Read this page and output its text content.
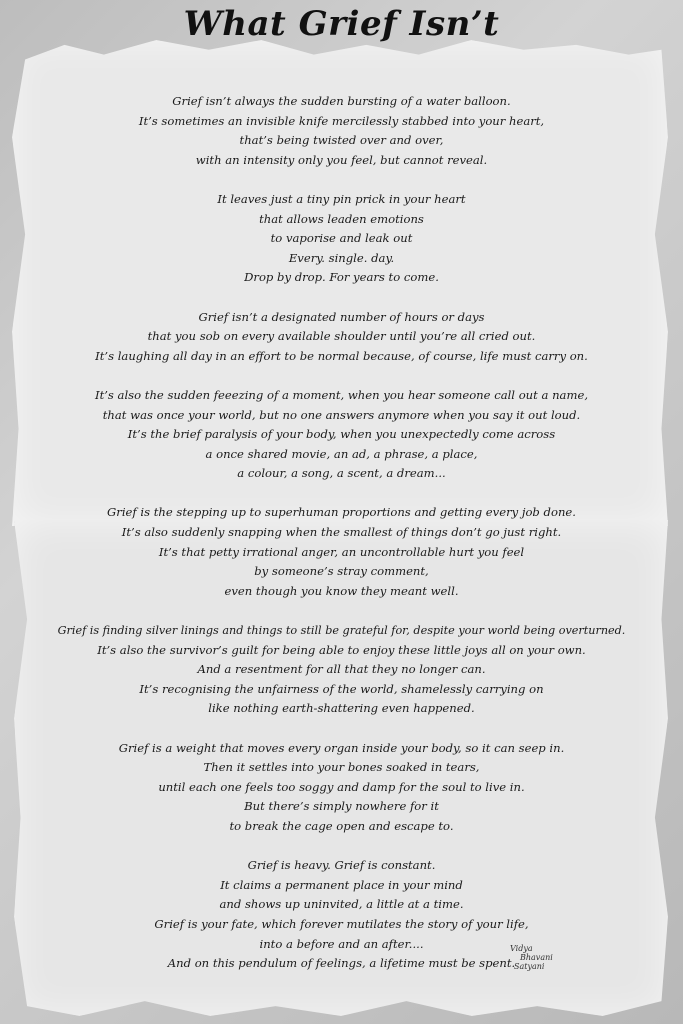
What Grief Isn’t
Grief isn’t always the sudden bursting of a water balloon.
It’s sometimes an invisible knife mercilessly stabbed into your heart,
that’s being twisted over and over,
with an intensity only you feel, but cannot reveal.
It leaves just a tiny pin prick in your heart
that allows leaden emotions
to vaporise and leak out
Every. single. day.
Drop by drop. For years to come.
Grief isn’t a designated number of hours or days
that you sob on every available shoulder until you’re all cried out.
It’s laughing all day in an effort to be normal because, of course, life must carry on.
It’s also the sudden feeezing of a moment, when you hear someone call out a name,
that was once your world, but no one answers anymore when you say it out loud.
It’s the brief paralysis of your body, when you unexpectedly come across
a once shared movie, an ad, a phrase, a place,
a colour, a song, a scent, a dream...
Grief is the stepping up to superhuman proportions and getting every job done.
It’s also suddenly snapping when the smallest of things don’t go just right.
It’s that petty irrational anger, an uncontrollable hurt you feel
by someone’s stray comment,
even though you know they meant well.
Grief is finding silver linings and things to still be grateful for, despite your world being overturned.
It’s also the survivor’s guilt for being able to enjoy these little joys all on your own.
And a resentment for all that they no longer can.
It’s recognising the unfairness of the world, shamelessly carrying on
like nothing earth-shattering even happened.
Grief is a weight that moves every organ inside your body, so it can seep in.
Then it settles into your bones soaked in tears,
until each one feels too soggy and damp for the soul to live in.
But there’s simply nowhere for it
to break the cage open and escape to.
Grief is heavy. Grief is constant.
It claims a permanent place in your mind
and shows up uninvited, a little at a time.
Grief is your fate, which forever mutilates the story of your life,
into a before and an after....
And on this pendulum of feelings, a lifetime must be spent.
Vidya
Bhavani
Satyani
